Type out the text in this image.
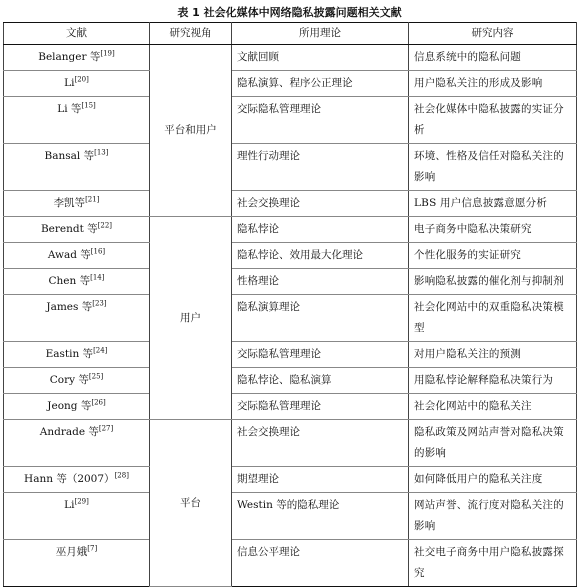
表 1 社会化媒体中网络隐私披露问题相关文献
文献	研究视角	所用理论	研究内容
Belanger 等[19]	平台和用户	文献回顾	信息系统中的隐私问题
Li[20]		隐私演算、程序公正理论	用户隐私关注的形成及影响
Li 等[15]		交际隐私管理理论	社会化媒体中隐私披露的实证分析
Bansal 等[13]		理性行动理论	环境、性格及信任对隐私关注的影响
李凯等[21]		社会交换理论	LBS 用户信息披露意愿分析
Berendt 等[22]	用户	隐私悖论	电子商务中隐私决策研究
Awad 等[16]		隐私悖论、效用最大化理论	个性化服务的实证研究
Chen 等[14]		性格理论	影响隐私披露的催化剂与抑制剂
James 等[23]		隐私演算理论	社会化网站中的双重隐私决策模型
Eastin 等[24]		交际隐私管理理论	对用户隐私关注的预测
Cory 等[25]		隐私悖论、隐私演算	用隐私悖论解释隐私决策行为
Jeong 等[26]		交际隐私管理理论	社会化网站中的隐私关注
Andrade 等[27]	平台	社会交换理论	隐私政策及网站声誉对隐私决策的影响
Hann 等（2007）[28]		期望理论	如何降低用户的隐私关注度
Li[29]		Westin 等的隐私理论	网站声誉、流行度对隐私关注的影响
巫月娥[7]		信息公平理论	社交电子商务中用户隐私披露探究
